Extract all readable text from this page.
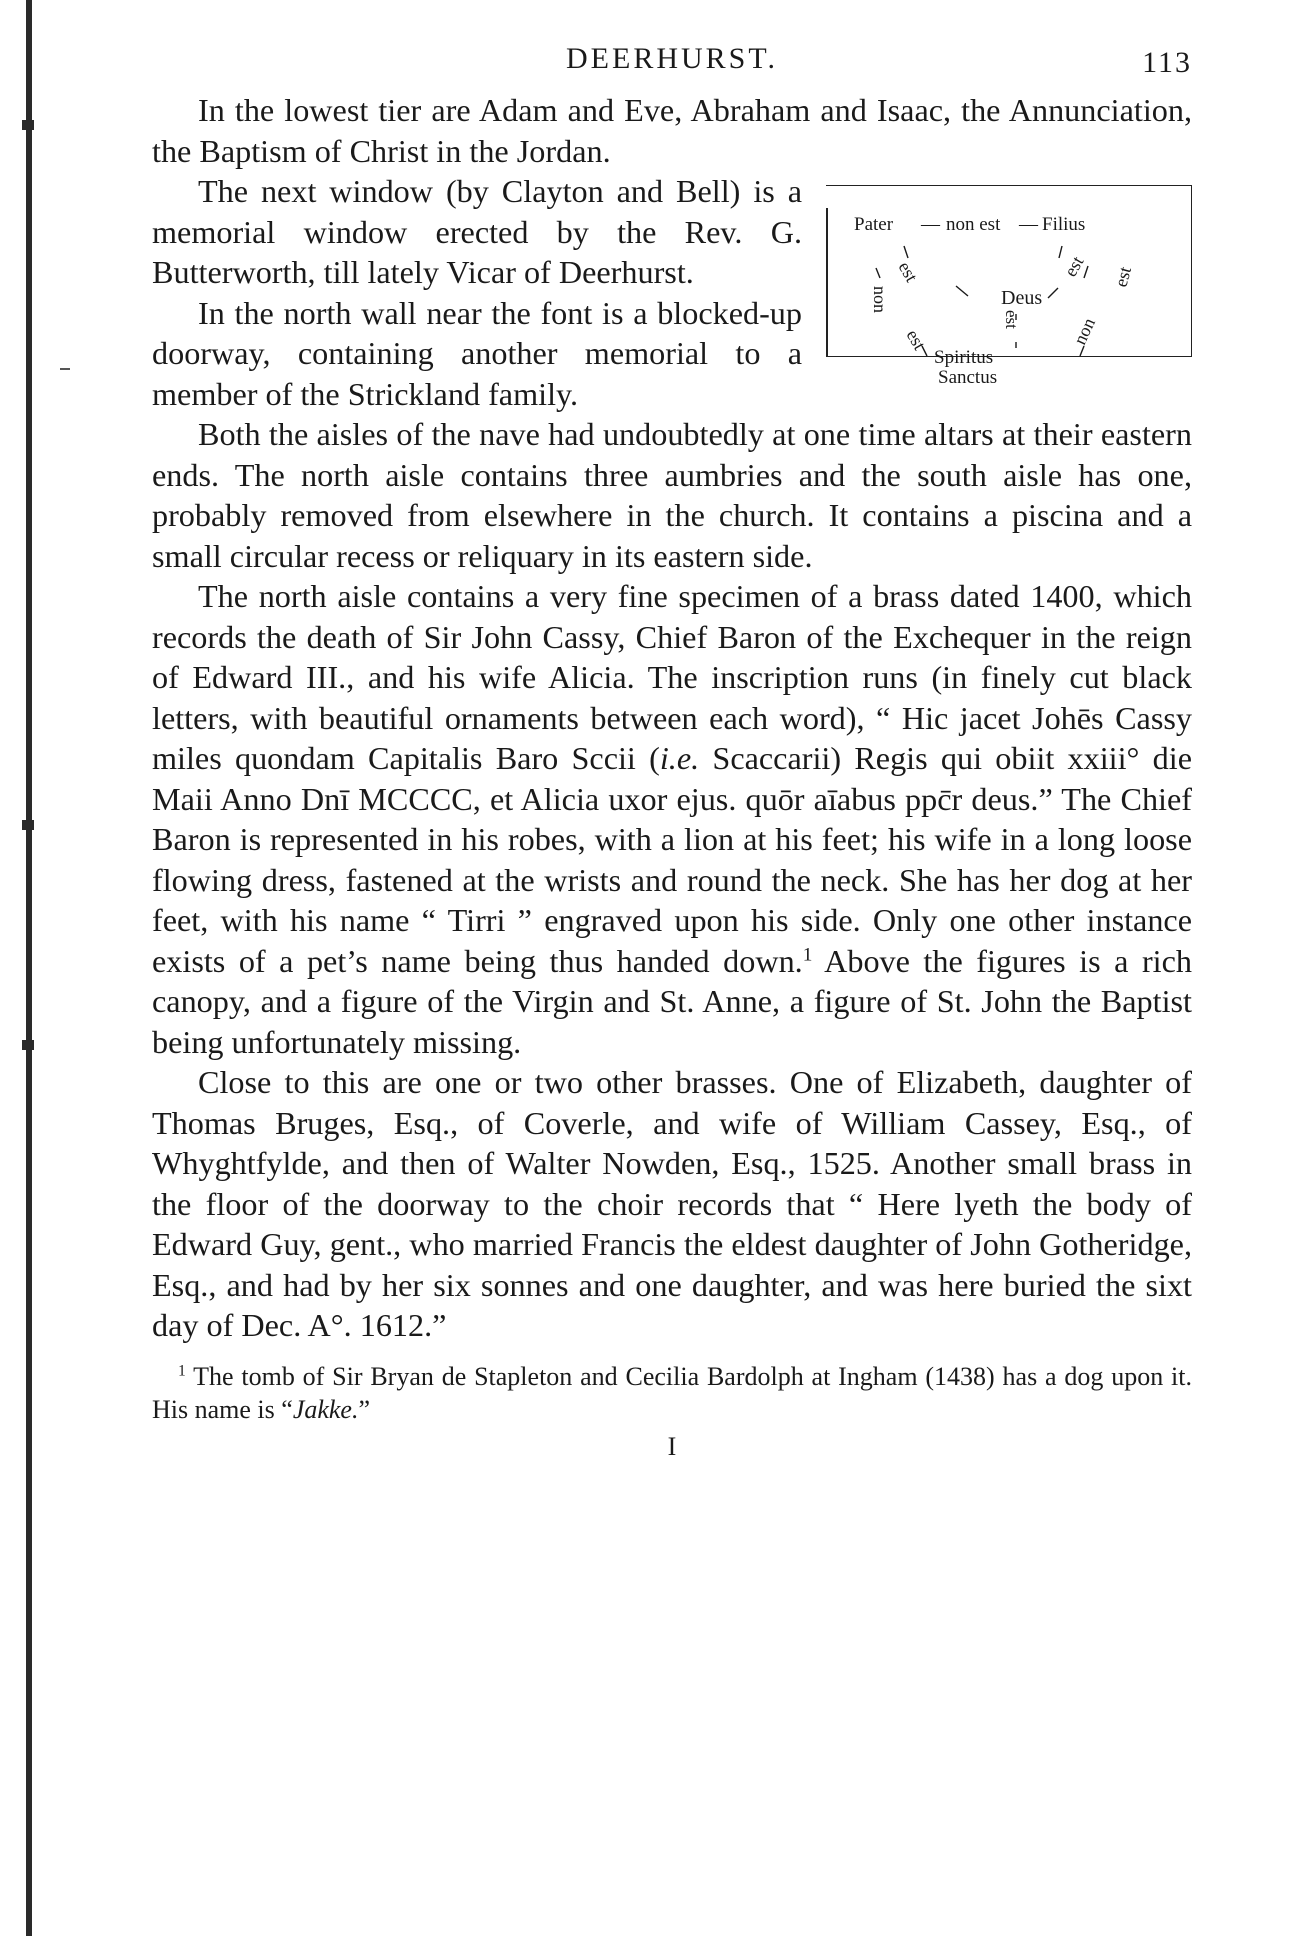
DEERHURST.	113

In the lowest tier are Adam and Eve, Abraham and Isaac, the Annunciation, the Baptism of Christ in the Jordan.

Pater — non est — Filius
Deus
Spiritus
Sanctus
est	est
non
est
est
non
est

The next window (by Clayton and Bell) is a memorial window erected by the Rev. G. Butterworth, till lately Vicar of Deerhurst.

In the north wall near the font is a blocked-up doorway, containing another memorial to a member of the Strickland family.

Both the aisles of the nave had undoubtedly at one time altars at their eastern ends. The north aisle contains three aumbries and the south aisle has one, probably removed from elsewhere in the church. It contains a piscina and a small circular recess or reliquary in its eastern side.

The north aisle contains a very fine specimen of a brass dated 1400, which records the death of Sir John Cassy, Chief Baron of the Exchequer in the reign of Edward III., and his wife Alicia. The inscription runs (in finely cut black letters, with beautiful ornaments between each word), “ Hic jacet Johēs Cassy miles quondam Capitalis Baro Sccii (i.e. Scaccarii) Regis qui obiit xxiii° die Maii Anno Dnī MCCCC, et Alicia uxor ejus. quōr aīabus ppc̄r deus.” The Chief Baron is represented in his robes, with a lion at his feet; his wife in a long loose flowing dress, fastened at the wrists and round the neck. She has her dog at her feet, with his name “ Tirri ” engraved upon his side. Only one other instance exists of a pet’s name being thus handed down.$^1$ Above the figures is a rich canopy, and a figure of the Virgin and St. Anne, a figure of St. John the Baptist being unfortunately missing.

Close to this are one or two other brasses. One of Elizabeth, daughter of Thomas Bruges, Esq., of Coverle, and wife of William Cassey, Esq., of Whyghtfylde, and then of Walter Nowden, Esq., 1525. Another small brass in the floor of the doorway to the choir records that “ Here lyeth the body of Edward Guy, gent., who married Francis the eldest daughter of John Gotheridge, Esq., and had by her six sonnes and one daughter, and was here buried the sixt day of Dec. A°. 1612.”

$^1$ The tomb of Sir Bryan de Stapleton and Cecilia Bardolph at Ingham (1438) has a dog upon it. His name is “Jakke.”

I
